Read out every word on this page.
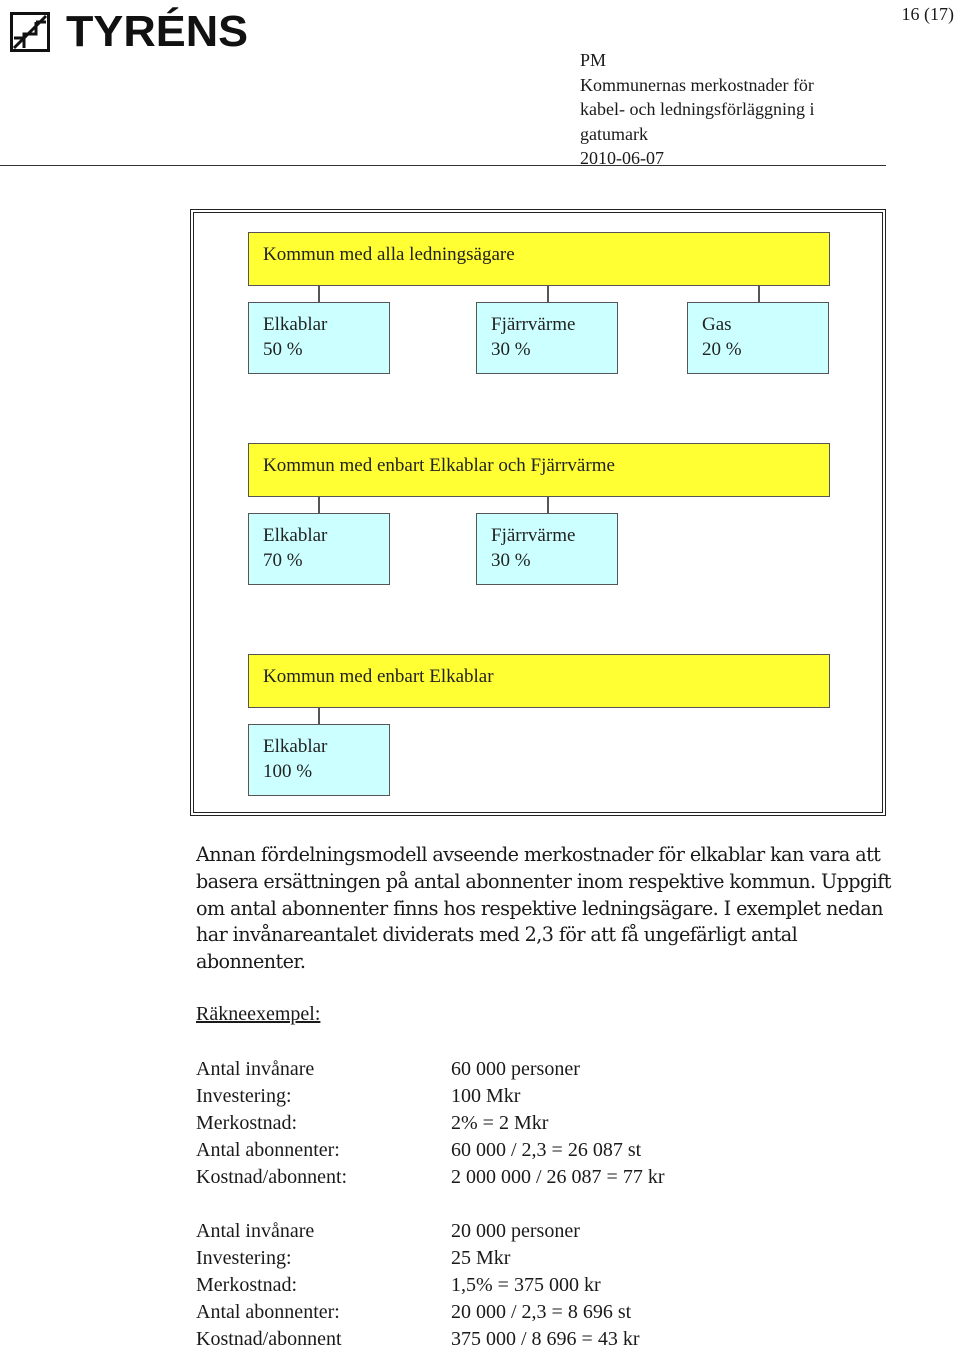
TYRÉNS	16 (17)
PM
Kommunernas merkostnader för
kabel- och ledningsförläggning i
gatumark
2010-06-07
Kommun med alla ledningsägare
Elkablar
50 %
Fjärrvärme
30 %
Gas
20 %
Kommun med enbart Elkablar och Fjärrvärme
Elkablar
70 %
Fjärrvärme
30 %
Kommun med enbart Elkablar
Elkablar
100 %
Annan fördelningsmodell avseende merkostnader för elkablar kan vara att
basera ersättningen på antal abonnenter inom respektive kommun. Uppgift
om antal abonnenter finns hos respektive ledningsägare. I exemplet nedan
har invånareantalet dividerats med 2,3 för att få ungefärligt antal
abonnenter.
Räkneexempel:
Antal invånare
Investering:
Merkostnad:
Antal abonnenter:
Kostnad/abonnent:
60 000 personer
100 Mkr
2% = 2 Mkr
60 000 / 2,3 = 26 087 st
2 000 000 / 26 087 = 77 kr
Antal invånare
Investering:
Merkostnad:
Antal abonnenter:
Kostnad/abonnent
20 000 personer
25 Mkr
1,5% = 375 000 kr
20 000 / 2,3 = 8 696 st
375 000 / 8 696 = 43 kr
